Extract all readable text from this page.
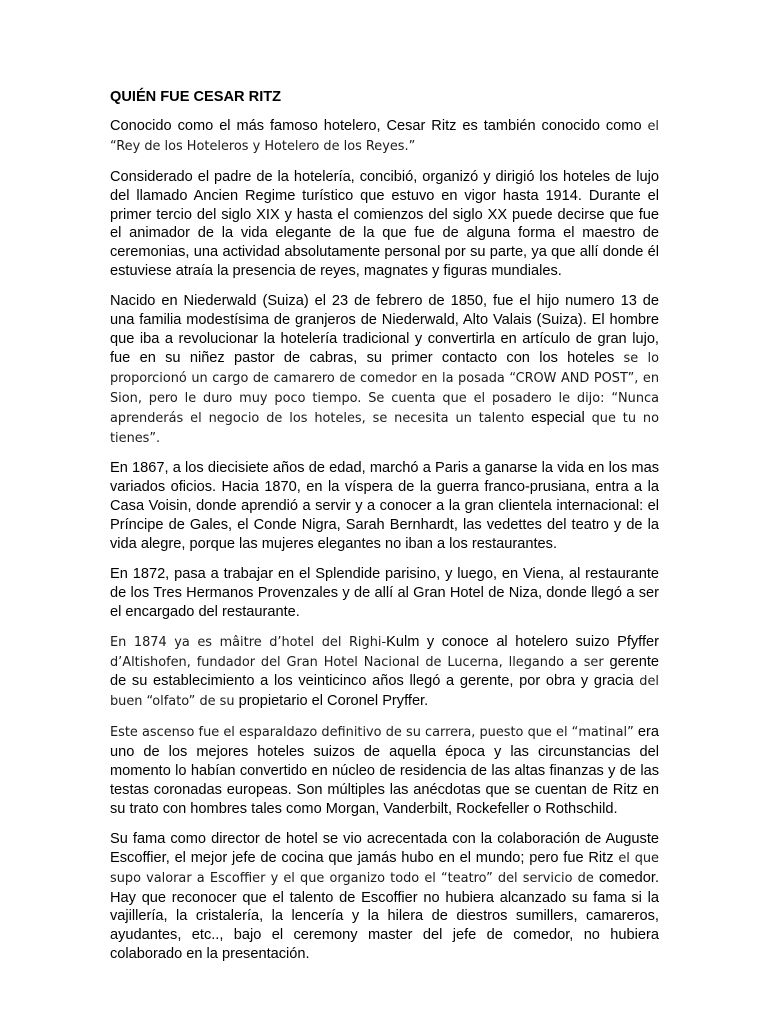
QUIÉN FUE CESAR RITZ

Conocido como el más famoso hotelero, Cesar Ritz es también conocido como el “Rey de los Hoteleros y Hotelero de los Reyes.”

Considerado el padre de la hotelería, concibió, organizó y dirigió los hoteles de lujo del llamado Ancien Regime turístico que estuvo en vigor hasta 1914. Durante el primer tercio del siglo XIX y hasta el comienzos del siglo XX puede decirse que fue el animador de la vida elegante de la que fue de alguna forma el maestro de ceremonias, una actividad absolutamente personal por su parte, ya que allí donde él estuviese atraía la presencia de reyes, magnates y figuras mundiales.

Nacido en Niederwald (Suiza) el 23 de febrero de 1850, fue el hijo numero 13 de una familia modestísima de granjeros de Niederwald, Alto Valais (Suiza). El hombre que iba a revolucionar la hotelería tradicional y convertirla en artículo de gran lujo, fue en su niñez pastor de cabras, su primer contacto con los hoteles se lo proporcionó un cargo de camarero de comedor en la posada “CROW AND POST”, en Sion, pero le duro muy poco tiempo. Se cuenta que el posadero le dijo: “Nunca aprenderás el negocio de los hoteles, se necesita un talento especial que tu no tienes”.

En 1867, a los diecisiete años de edad, marchó a Paris a ganarse la vida en los mas variados oficios. Hacia 1870, en la víspera de la guerra franco-prusiana, entra a la Casa Voisin, donde aprendió a servir y a conocer a la gran clientela internacional: el Príncipe de Gales, el Conde Nigra, Sarah Bernhardt, las vedettes del teatro y de la vida alegre, porque las mujeres elegantes no iban a los restaurantes.

En 1872, pasa a trabajar en el Splendide parisino, y luego, en Viena, al restaurante de los Tres Hermanos Provenzales y de allí al Gran Hotel de Niza, donde llegó a ser el encargado del restaurante.

En 1874 ya es mâitre d’hotel del Righi-Kulm y conoce al hotelero suizo Pfyffer d’Altishofen, fundador del Gran Hotel Nacional de Lucerna, llegando a ser gerente de su establecimiento a los veinticinco años llegó a gerente, por obra y gracia del buen “olfato” de su propietario el Coronel Pryffer.

Este ascenso fue el esparaldazo definitivo de su carrera, puesto que el “matinal” era uno de los mejores hoteles suizos de aquella época y las circunstancias del momento lo habían convertido en núcleo de residencia de las altas finanzas y de las testas coronadas europeas. Son múltiples las anécdotas que se cuentan de Ritz en su trato con hombres tales como Morgan, Vanderbilt, Rockefeller o Rothschild.

Su fama como director de hotel se vio acrecentada con la colaboración de Auguste Escoffier, el mejor jefe de cocina que jamás hubo en el mundo; pero fue Ritz el que supo valorar a Escoffier y el que organizo todo el “teatro” del servicio de comedor. Hay que reconocer que el talento de Escoffier no hubiera alcanzado su fama si la vajillería, la cristalería, la lencería y la hilera de diestros sumillers, camareros, ayudantes, etc.., bajo el ceremony master del jefe de comedor, no hubiera colaborado en la presentación.
